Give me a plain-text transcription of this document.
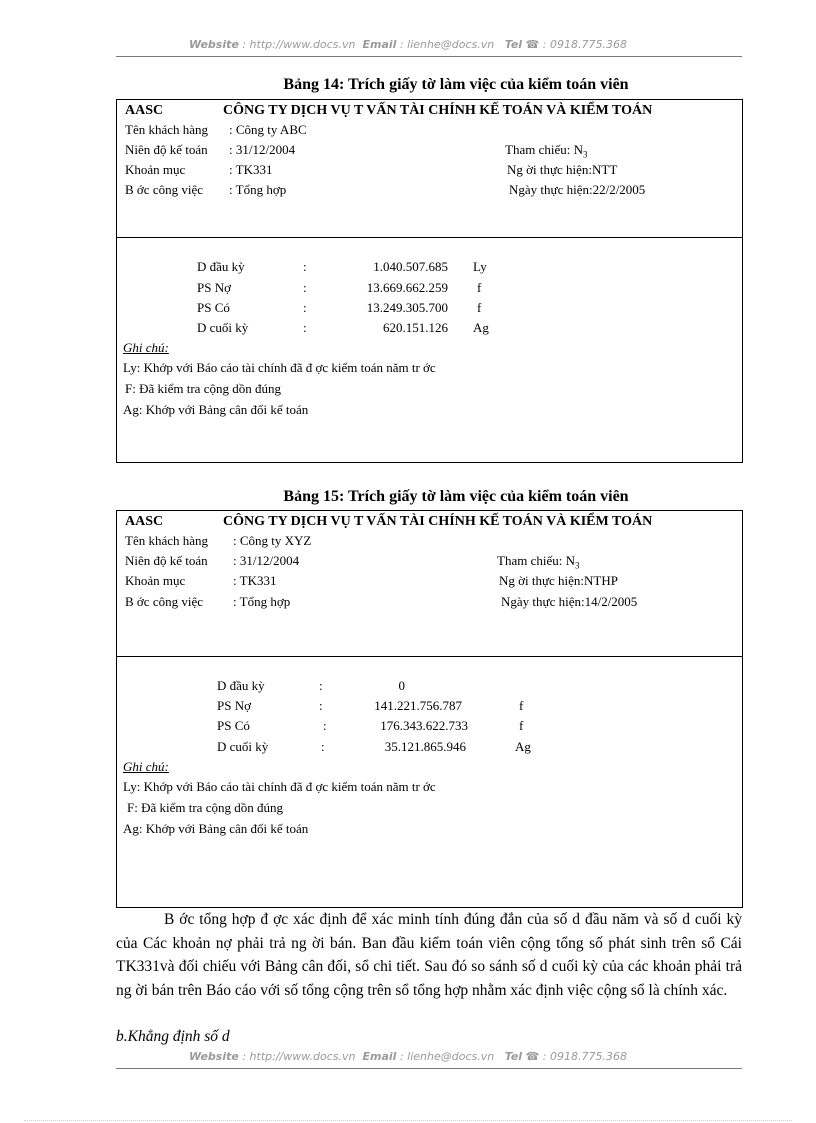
Website : http://www.docs.vn Email : lienhe@docs.vn Tel ☎ : 0918.775.368
Bảng 14: Trích giấy tờ làm việc của kiểm toán viên
AASC	CÔNG TY DỊCH VỤ T VẤN TÀI CHÍNH KẾ TOÁN VÀ KIỂM TOÁN
Tên khách hàng : Công ty ABC
Niên độ kế toán : 31/12/2004
Khoản mục	: TK331
B ớc công việc : Tổng hợp
Tham chiếu: $N_3$
Ng ời thực hiện:NTT
Ngày thực hiện:22/2/2005
D đầu kỳ	:	1.040.507.685 Ly
PS Nợ	:	13.669.662.259 f
PS Có	:	13.249.305.700 f
D cuối kỳ	:	620.151.126 Ag
Ghi chú:
Ly: Khớp với Báo cáo tài chính đã đ ợc kiểm toán năm tr ớc
F: Đã kiểm tra cộng dồn đúng
Ag: Khớp với Bảng cân đối kế toán
Bảng 15: Trích giấy tờ làm việc của kiểm toán viên
AASC	CÔNG TY DỊCH VỤ T VẤN TÀI CHÍNH KẾ TOÁN VÀ KIỂM TOÁN
Tên khách hàng : Công ty XYZ
Niên độ kế toán : 31/12/2004
Khoản mục	: TK331
B ớc công việc : Tổng hợp
Tham chiếu: $N_3$
Ng ời thực hiện:NTHP
Ngày thực hiện:14/2/2005
D đầu kỳ	:	0
PS Nợ	:	141.221.756.787	f
PS Có	:	176.343.622.733	f
D cuối kỳ	:	35.121.865.946	Ag
Ghi chú:
Ly: Khớp với Báo cáo tài chính đã đ ợc kiểm toán năm tr ớc
F: Đã kiểm tra cộng dồn đúng
Ag: Khớp với Bảng cân đối kế toán

B ớc tổng hợp đ ợc xác định để xác minh tính đúng đắn của số d đầu năm và số d cuối kỳ của Các khoản nợ phải trả ng ời bán. Ban đầu kiểm toán viên cộng tổng số phát sinh trên sổ Cái TK331và đối chiếu với Bảng cân đối, sổ chi tiết. Sau đó so sánh số d cuối kỳ của các khoản phải trả ng ời bán trên Báo cáo với số tổng cộng trên sổ tổng hợp nhằm xác định việc cộng sổ là chính xác.

b.Khẳng định số d
Website : http://www.docs.vn Email : lienhe@docs.vn Tel ☎ : 0918.775.368
